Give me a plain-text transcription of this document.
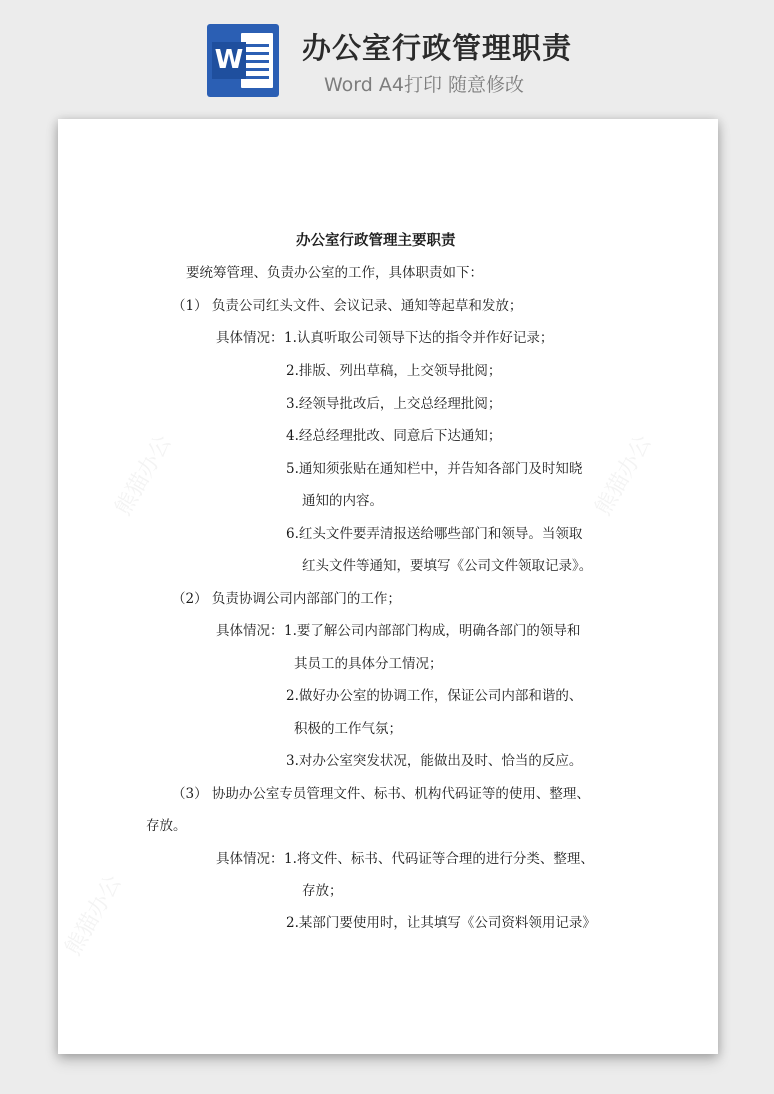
W 办公室行政管理职责
Word A4打印 随意修改
熊猫办公	熊猫办公
熊猫办公
办公室行政管理主要职责
要统筹管理、负责办公室的工作，具体职责如下：
（1） 负责公司红头文件、会议记录、通知等起草和发放；
具体情况： 1.认真听取公司领导下达的指令并作好记录；
2.排版、列出草稿，上交领导批阅；
3.经领导批改后，上交总经理批阅；
4.经总经理批改、同意后下达通知；
5.通知须张贴在通知栏中，并告知各部门及时知晓
通知的内容。
6.红头文件要弄清报送给哪些部门和领导。当领取
红头文件等通知，要填写《公司文件领取记录》。
（2） 负责协调公司内部部门的工作；
具体情况： 1.要了解公司内部部门构成，明确各部门的领导和
其员工的具体分工情况；
2.做好办公室的协调工作，保证公司内部和谐的、
积极的工作气氛；
3.对办公室突发状况，能做出及时、恰当的反应。
（3） 协助办公室专员管理文件、标书、机构代码证等的使用、整理、
存放。
具体情况： 1.将文件、标书、代码证等合理的进行分类、整理、
存放；
2.某部门要使用时，让其填写《公司资料领用记录》
